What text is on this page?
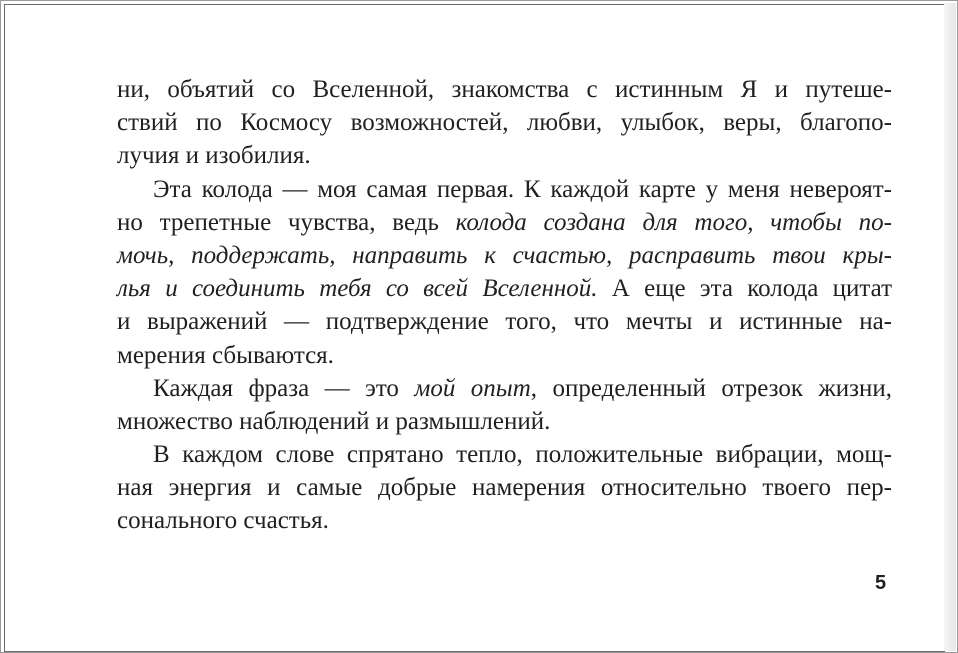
ни, объятий со Вселенной, знакомства с истинным Я и путеше-
ствий по Космосу возможностей, любви, улыбок, веры, благопо-
лучия и изобилия.
Эта колода — моя самая первая. К каждой карте у меня невероят-
но трепетные чувства, ведь колода создана для того, чтобы по-
мочь, поддержать, направить к счастью, расправить твои кры-
лья и соединить тебя со всей Вселенной. А еще эта колода цитат
и выражений — подтверждение того, что мечты и истинные на-
мерения сбываются.
Каждая фраза — это мой опыт, определенный отрезок жизни,
множество наблюдений и размышлений.
В каждом слове спрятано тепло, положительные вибрации, мощ-
ная энергия и самые добрые намерения относительно твоего пер-
сонального счастья.
5
